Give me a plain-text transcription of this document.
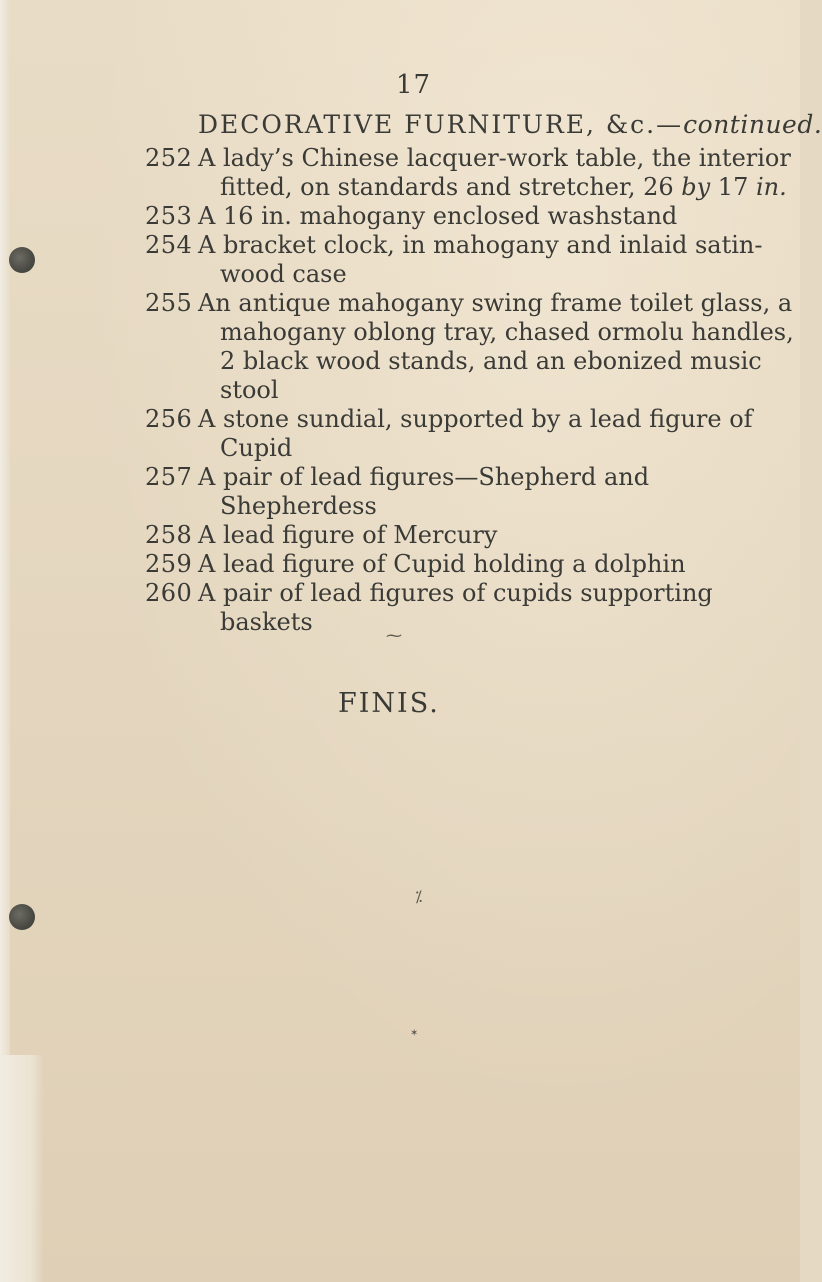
17
DECORATIVE FURNITURE, &c.—continued.
252 A lady’s Chinese lacquer-work table, the interior fitted, on standards and stretcher, 26 by 17 in.
253 A 16 in. mahogany enclosed washstand
254 A bracket clock, in mahogany and inlaid satin-wood case
255 An antique mahogany swing frame toilet glass, a mahogany oblong tray, chased ormolu handles, 2 black wood stands, and an ebonized music stool
256 A stone sundial, supported by a lead figure of Cupid
257 A pair of lead figures—Shepherd and Shepherdess
258 A lead figure of Mercury
259 A lead figure of Cupid holding a dolphin
260 A pair of lead figures of cupids supporting baskets	⁓
⁒
✶
FINIS.
